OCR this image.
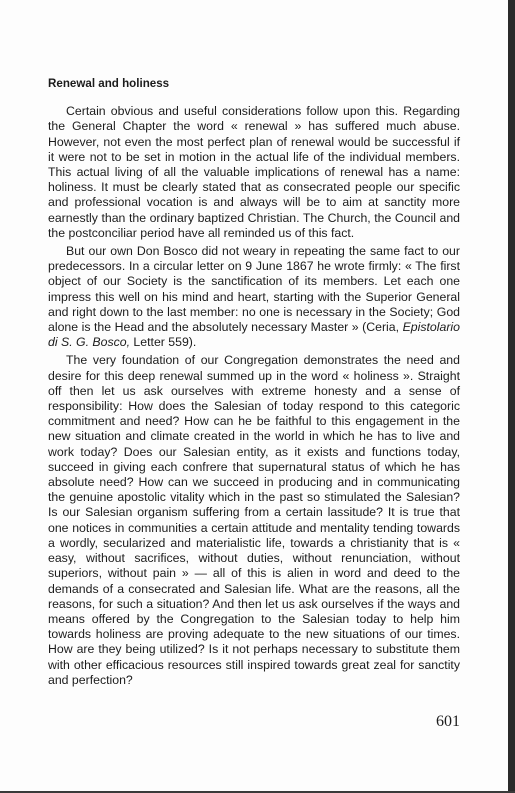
Renewal and holiness

Certain obvious and useful considerations follow upon this. Regarding the General Chapter the word « renewal » has suffered much abuse. However, not even the most perfect plan of renewal would be successful if it were not to be set in motion in the actual life of the individual members. This actual living of all the valuable implications of renewal has a name: holiness. It must be clearly stated that as consecrated people our specific and professional vocation is and always will be to aim at sanctity more earnestly than the ordinary baptized Christian. The Church, the Council and the postconciliar period have all reminded us of this fact.

But our own Don Bosco did not weary in repeating the same fact to our predecessors. In a circular letter on 9 June 1867 he wrote firmly: « The first object of our Society is the sanctification of its members. Let each one impress this well on his mind and heart, starting with the Superior General and right down to the last member: no one is necessary in the Society; God alone is the Head and the absolutely necessary Master » (Ceria, Epistolario di S. G. Bosco, Letter 559).

The very foundation of our Congregation demonstrates the need and desire for this deep renewal summed up in the word « holiness ». Straight off then let us ask ourselves with extreme honesty and a sense of responsibility: How does the Salesian of today respond to this categoric commitment and need? How can he be faithful to this engagement in the new situation and climate created in the world in which he has to live and work today? Does our Salesian entity, as it exists and functions today, succeed in giving each confrere that supernatural status of which he has absolute need? How can we succeed in producing and in communicating the genuine apostolic vitality which in the past so stimulated the Salesian? Is our Salesian organism suffering from a certain lassitude? It is true that one notices in communities a certain attitude and mentality tending towards a wordly, secularized and materialistic life, towards a christianity that is « easy, without sacrifices, without duties, without renunciation, without superiors, without pain » — all of this is alien in word and deed to the demands of a consecrated and Salesian life. What are the reasons, all the reasons, for such a situation? And then let us ask ourselves if the ways and means offered by the Congregation to the Salesian today to help him towards holiness are proving adequate to the new situations of our times. How are they being utilized? Is it not perhaps necessary to substitute them with other efficacious resources still inspired towards great zeal for sanctity and perfection?

601
